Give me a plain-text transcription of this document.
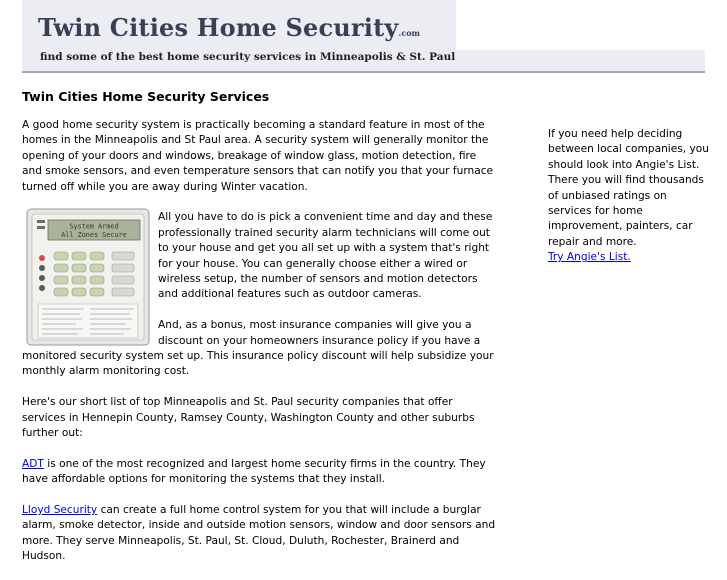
Twin Cities Home Security.com
find some of the best home security services in Minneapolis & St. Paul
Twin Cities Home Security Services

A good home security system is practically becoming a standard feature in most of the homes in the Minneapolis and St Paul area. A security system will generally monitor the opening of your doors and windows, breakage of window glass, motion detection, fire and smoke sensors, and even temperature sensors that can notify you that your furnace turned off while you are away during Winter vacation.

System Armed
All Zones Secure

All you have to do is pick a convenient time and day and these professionally trained security alarm technicians will come out to your house and get you all set up with a system that's right for your house. You can generally choose either a wired or wireless setup, the number of sensors and motion detectors and additional features such as outdoor cameras.

And, as a bonus, most insurance companies will give you a discount on your homeowners insurance policy if you have a monitored security system set up. This insurance policy discount will help subsidize your monthly alarm monitoring cost.

Here's our short list of top Minneapolis and St. Paul security companies that offer services in Hennepin County, Ramsey County, Washington County and other suburbs further out:

ADT is one of the most recognized and largest home security firms in the country. They have affordable options for monitoring the systems that they install.

Lloyd Security can create a full home control system for you that will include a burglar alarm, smoke detector, inside and outside motion sensors, window and door sensors and more. They serve Minneapolis, St. Paul, St. Cloud, Duluth, Rochester, Brainerd and Hudson.

If you need help deciding between local companies, you should look into Angie's List. There you will find thousands of unbiased ratings on services for home improvement, painters, car repair and more.
Try Angie's List.
